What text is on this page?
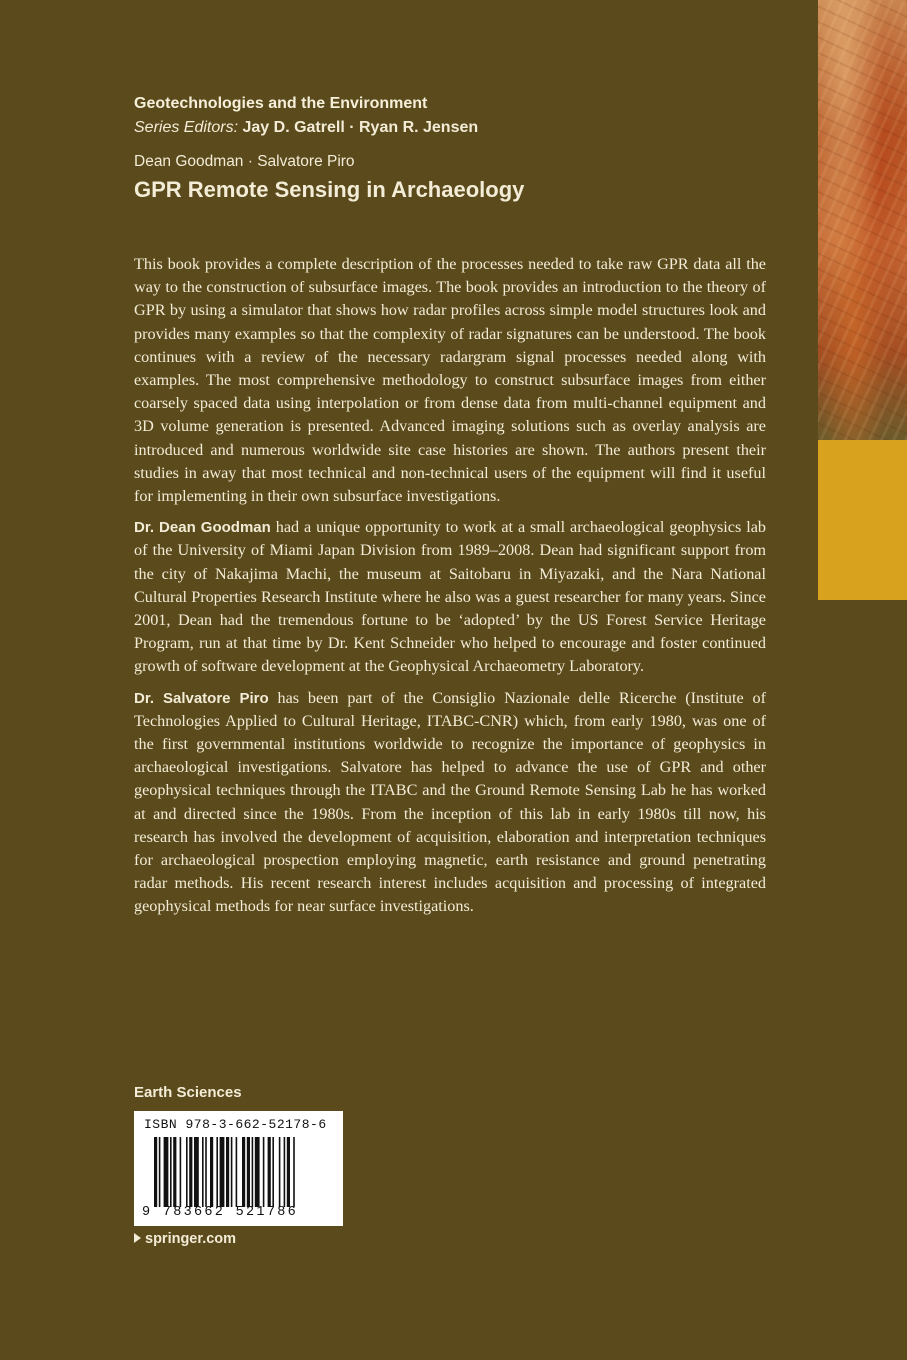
Geotechnologies and the Environment
Series Editors: Jay D. Gatrell · Ryan R. Jensen
Dean Goodman · Salvatore Piro
GPR Remote Sensing in Archaeology

This book provides a complete description of the processes needed to take raw GPR data all the way to the construction of subsurface images. The book provides an introduction to the theory of GPR by using a simulator that shows how radar profiles across simple model structures look and provides many examples so that the complexity of radar signatures can be understood. The book continues with a review of the necessary radargram signal processes needed along with examples. The most comprehensive methodology to construct subsurface images from either coarsely spaced data using interpolation or from dense data from multi-channel equipment and 3D volume generation is presented. Advanced imaging solutions such as overlay analysis are introduced and numerous worldwide site case histories are shown. The authors present their studies in away that most technical and non-technical users of the equipment will find it useful for implementing in their own subsurface investigations.

Dr. Dean Goodman had a unique opportunity to work at a small archaeological geophysics lab of the University of Miami Japan Division from 1989–2008. Dean had significant support from the city of Nakajima Machi, the museum at Saitobaru in Miyazaki, and the Nara National Cultural Properties Research Institute where he also was a guest researcher for many years. Since 2001, Dean had the tremendous fortune to be ‘adopted’ by the US Forest Service Heritage Program, run at that time by Dr. Kent Schneider who helped to encourage and foster continued growth of software development at the Geophysical Archaeometry Laboratory.

Dr. Salvatore Piro has been part of the Consiglio Nazionale delle Ricerche (Institute of Technologies Applied to Cultural Heritage, ITABC-CNR) which, from early 1980, was one of the first governmental institutions worldwide to recognize the importance of geophysics in archaeological investigations. Salvatore has helped to advance the use of GPR and other geophysical techniques through the ITABC and the Ground Remote Sensing Lab he has worked at and directed since the 1980s. From the inception of this lab in early 1980s till now, his research has involved the development of acquisition, elaboration and interpretation techniques for archaeological prospection employing magnetic, earth resistance and ground penetrating radar methods. His recent research interest includes acquisition and processing of integrated geophysical methods for near surface investigations.

Earth Sciences
ISBN 978-3-662-52178-6
9 783662 521786
springer.com
